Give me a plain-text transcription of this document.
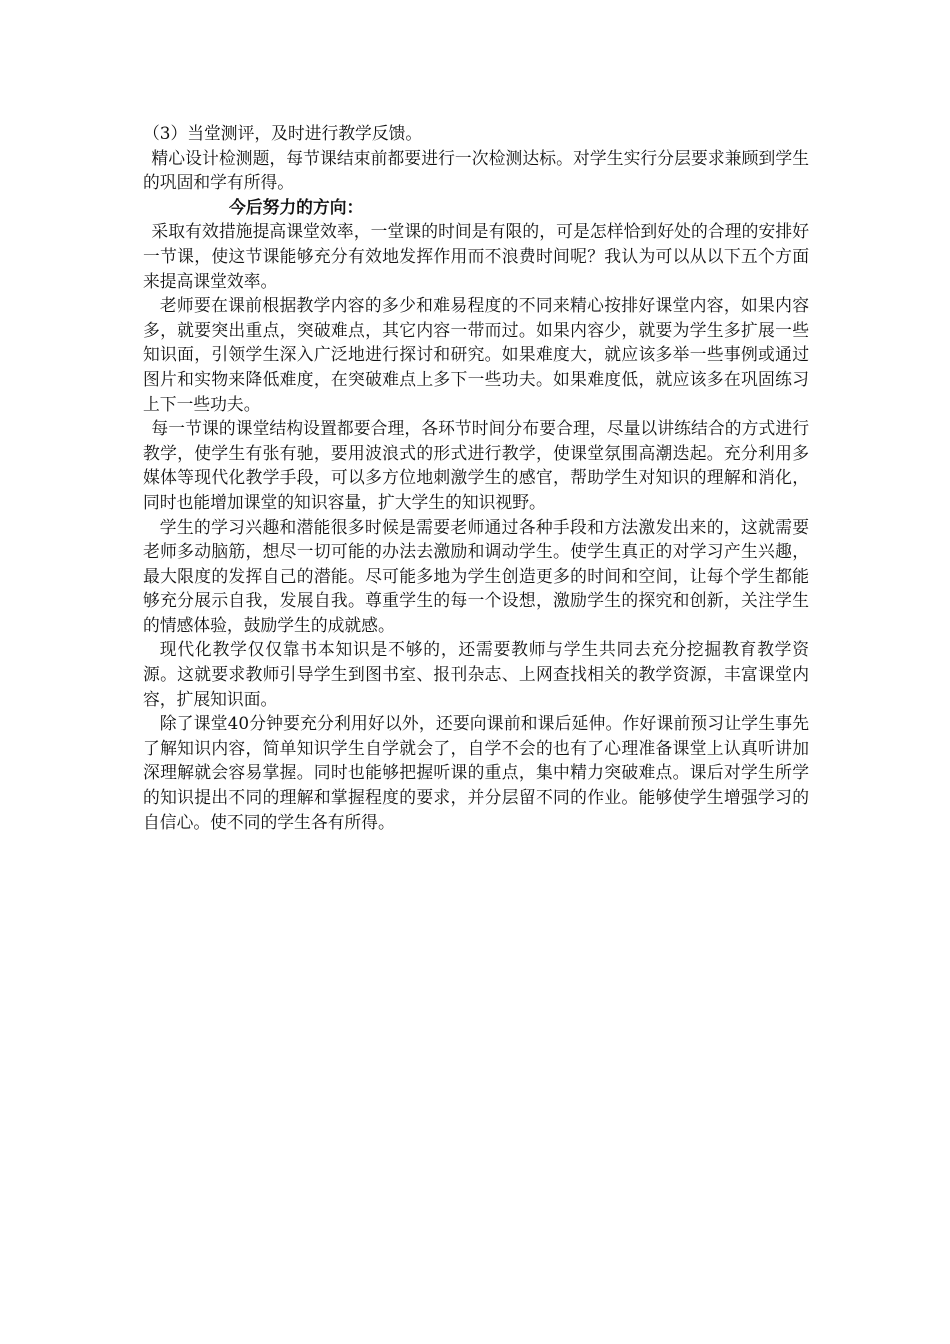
（3）当堂测评，及时进行教学反馈。

精心设计检测题，每节课结束前都要进行一次检测达标。对学生实行分层要求兼顾到学生的巩固和学有所得。

今后努力的方向：

采取有效措施提高课堂效率，一堂课的时间是有限的，可是怎样恰到好处的合理的安排好一节课，使这节课能够充分有效地发挥作用而不浪费时间呢？我认为可以从以下五个方面来提高课堂效率。

老师要在课前根据教学内容的多少和难易程度的不同来精心按排好课堂内容，如果内容多，就要突出重点，突破难点，其它内容一带而过。如果内容少，就要为学生多扩展一些知识面，引领学生深入广泛地进行探讨和研究。如果难度大，就应该多举一些事例或通过图片和实物来降低难度，在突破难点上多下一些功夫。如果难度低，就应该多在巩固练习上下一些功夫。

每一节课的课堂结构设置都要合理，各环节时间分布要合理，尽量以讲练结合的方式进行教学，使学生有张有驰，要用波浪式的形式进行教学，使课堂氛围高潮迭起。充分利用多媒体等现代化教学手段，可以多方位地刺激学生的感官，帮助学生对知识的理解和消化，同时也能增加课堂的知识容量，扩大学生的知识视野。

学生的学习兴趣和潜能很多时候是需要老师通过各种手段和方法激发出来的，这就需要老师多动脑筋，想尽一切可能的办法去激励和调动学生。使学生真正的对学习产生兴趣，最大限度的发挥自己的潜能。尽可能多地为学生创造更多的时间和空间，让每个学生都能够充分展示自我，发展自我。尊重学生的每一个设想，激励学生的探究和创新，关注学生的情感体验，鼓励学生的成就感。

现代化教学仅仅靠书本知识是不够的，还需要教师与学生共同去充分挖掘教育教学资源。这就要求教师引导学生到图书室、报刊杂志、上网查找相关的教学资源，丰富课堂内容，扩展知识面。

除了课堂40分钟要充分利用好以外，还要向课前和课后延伸。作好课前预习让学生事先了解知识内容，简单知识学生自学就会了，自学不会的也有了心理准备课堂上认真听讲加深理解就会容易掌握。同时也能够把握听课的重点，集中精力突破难点。课后对学生所学的知识提出不同的理解和掌握程度的要求，并分层留不同的作业。能够使学生增强学习的自信心。使不同的学生各有所得。
